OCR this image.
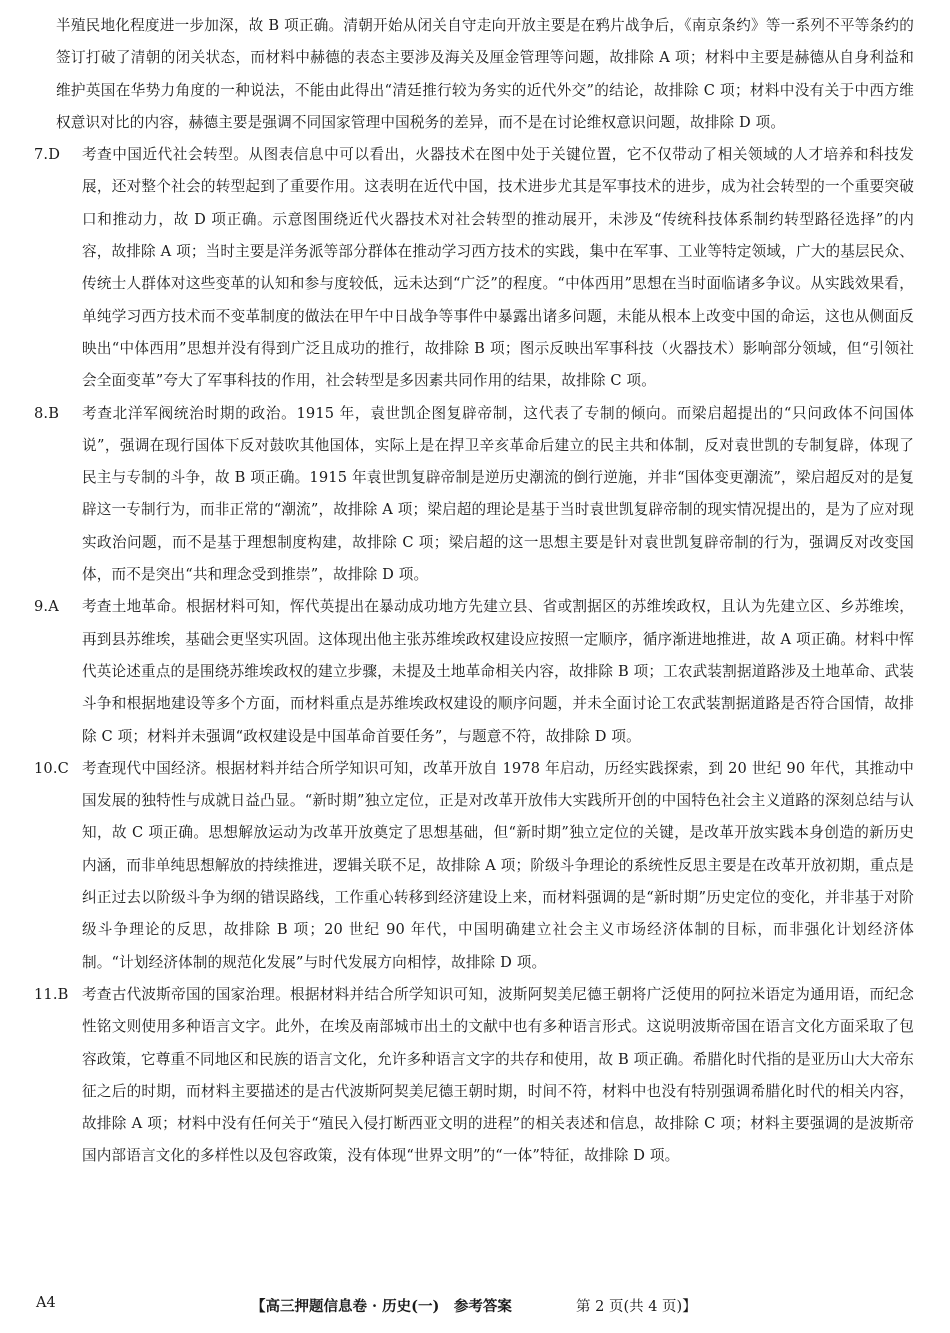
半殖民地化程度进一步加深，故 B 项正确。清朝开始从闭关自守走向开放主要是在鸦片战争后，《南京条约》等一系列不平等条约的签订打破了清朝的闭关状态，而材料中赫德的表态主要涉及海关及厘金管理等问题，故排除 A 项；材料中主要是赫德从自身利益和维护英国在华势力角度的一种说法，不能由此得出“清廷推行较为务实的近代外交”的结论，故排除 C 项；材料中没有关于中西方维权意识对比的内容，赫德主要是强调不同国家管理中国税务的差异，而不是在讨论维权意识问题，故排除 D 项。

7.D	考查中国近代社会转型。从图表信息中可以看出，火器技术在图中处于关键位置，它不仅带动了相关领域的人才培养和科技发展，还对整个社会的转型起到了重要作用。这表明在近代中国，技术进步尤其是军事技术的进步，成为社会转型的一个重要突破口和推动力，故 D 项正确。示意图围绕近代火器技术对社会转型的推动展开，未涉及“传统科技体系制约转型路径选择”的内容，故排除 A 项；当时主要是洋务派等部分群体在推动学习西方技术的实践，集中在军事、工业等特定领域，广大的基层民众、传统士人群体对这些变革的认知和参与度较低，远未达到“广泛”的程度。“中体西用”思想在当时面临诸多争议。从实践效果看，单纯学习西方技术而不变革制度的做法在甲午中日战争等事件中暴露出诸多问题，未能从根本上改变中国的命运，这也从侧面反映出“中体西用”思想并没有得到广泛且成功的推行，故排除 B 项；图示反映出军事科技（火器技术）影响部分领域，但“引领社会全面变革”夸大了军事科技的作用，社会转型是多因素共同作用的结果，故排除 C 项。
8.B	考查北洋军阀统治时期的政治。1915 年，袁世凯企图复辟帝制，这代表了专制的倾向。而梁启超提出的“只问政体不问国体说”，强调在现行国体下反对鼓吹其他国体，实际上是在捍卫辛亥革命后建立的民主共和体制，反对袁世凯的专制复辟，体现了民主与专制的斗争，故 B 项正确。1915 年袁世凯复辟帝制是逆历史潮流的倒行逆施，并非“国体变更潮流”，梁启超反对的是复辟这一专制行为，而非正常的“潮流”，故排除 A 项；梁启超的理论是基于当时袁世凯复辟帝制的现实情况提出的，是为了应对现实政治问题，而不是基于理想制度构建，故排除 C 项；梁启超的这一思想主要是针对袁世凯复辟帝制的行为，强调反对改变国体，而不是突出“共和理念受到推崇”，故排除 D 项。
9.A	考查土地革命。根据材料可知，恽代英提出在暴动成功地方先建立县、省或割据区的苏维埃政权，且认为先建立区、乡苏维埃，再到县苏维埃，基础会更坚实巩固。这体现出他主张苏维埃政权建设应按照一定顺序，循序渐进地推进，故 A 项正确。材料中恽代英论述重点的是围绕苏维埃政权的建立步骤，未提及土地革命相关内容，故排除 B 项；工农武装割据道路涉及土地革命、武装斗争和根据地建设等多个方面，而材料重点是苏维埃政权建设的顺序问题，并未全面讨论工农武装割据道路是否符合国情，故排除 C 项；材料并未强调“政权建设是中国革命首要任务”，与题意不符，故排除 D 项。
10.C 考查现代中国经济。根据材料并结合所学知识可知，改革开放自 1978 年启动，历经实践探索，到 20 世纪 90 年代，其推动中国发展的独特性与成就日益凸显。“新时期”独立定位，正是对改革开放伟大实践所开创的中国特色社会主义道路的深刻总结与认知，故 C 项正确。思想解放运动为改革开放奠定了思想基础，但“新时期”独立定位的关键，是改革开放实践本身创造的新历史内涵，而非单纯思想解放的持续推进，逻辑关联不足，故排除 A 项；阶级斗争理论的系统性反思主要是在改革开放初期，重点是纠正过去以阶级斗争为纲的错误路线，工作重心转移到经济建设上来，而材料强调的是“新时期”历史定位的变化，并非基于对阶级斗争理论的反思，故排除 B 项；20 世纪 90 年代，中国明确建立社会主义市场经济体制的目标，而非强化计划经济体制。“计划经济体制的规范化发展”与时代发展方向相悖，故排除 D 项。
11.B 考查古代波斯帝国的国家治理。根据材料并结合所学知识可知，波斯阿契美尼德王朝将广泛使用的阿拉米语定为通用语，而纪念性铭文则使用多种语言文字。此外，在埃及南部城市出土的文献中也有多种语言形式。这说明波斯帝国在语言文化方面采取了包容政策，它尊重不同地区和民族的语言文化，允许多种语言文字的共存和使用，故 B 项正确。希腊化时代指的是亚历山大大帝东征之后的时期，而材料主要描述的是古代波斯阿契美尼德王朝时期，时间不符，材料中也没有特别强调希腊化时代的相关内容，故排除 A 项；材料中没有任何关于“殖民入侵打断西亚文明的进程”的相关表述和信息，故排除 C 项；材料主要强调的是波斯帝国内部语言文化的多样性以及包容政策，没有体现“世界文明”的“一体”特征，故排除 D 项。
A4	【高三押题信息卷 · 历史(一)　参考答案	第 2 页(共 4 页)】
